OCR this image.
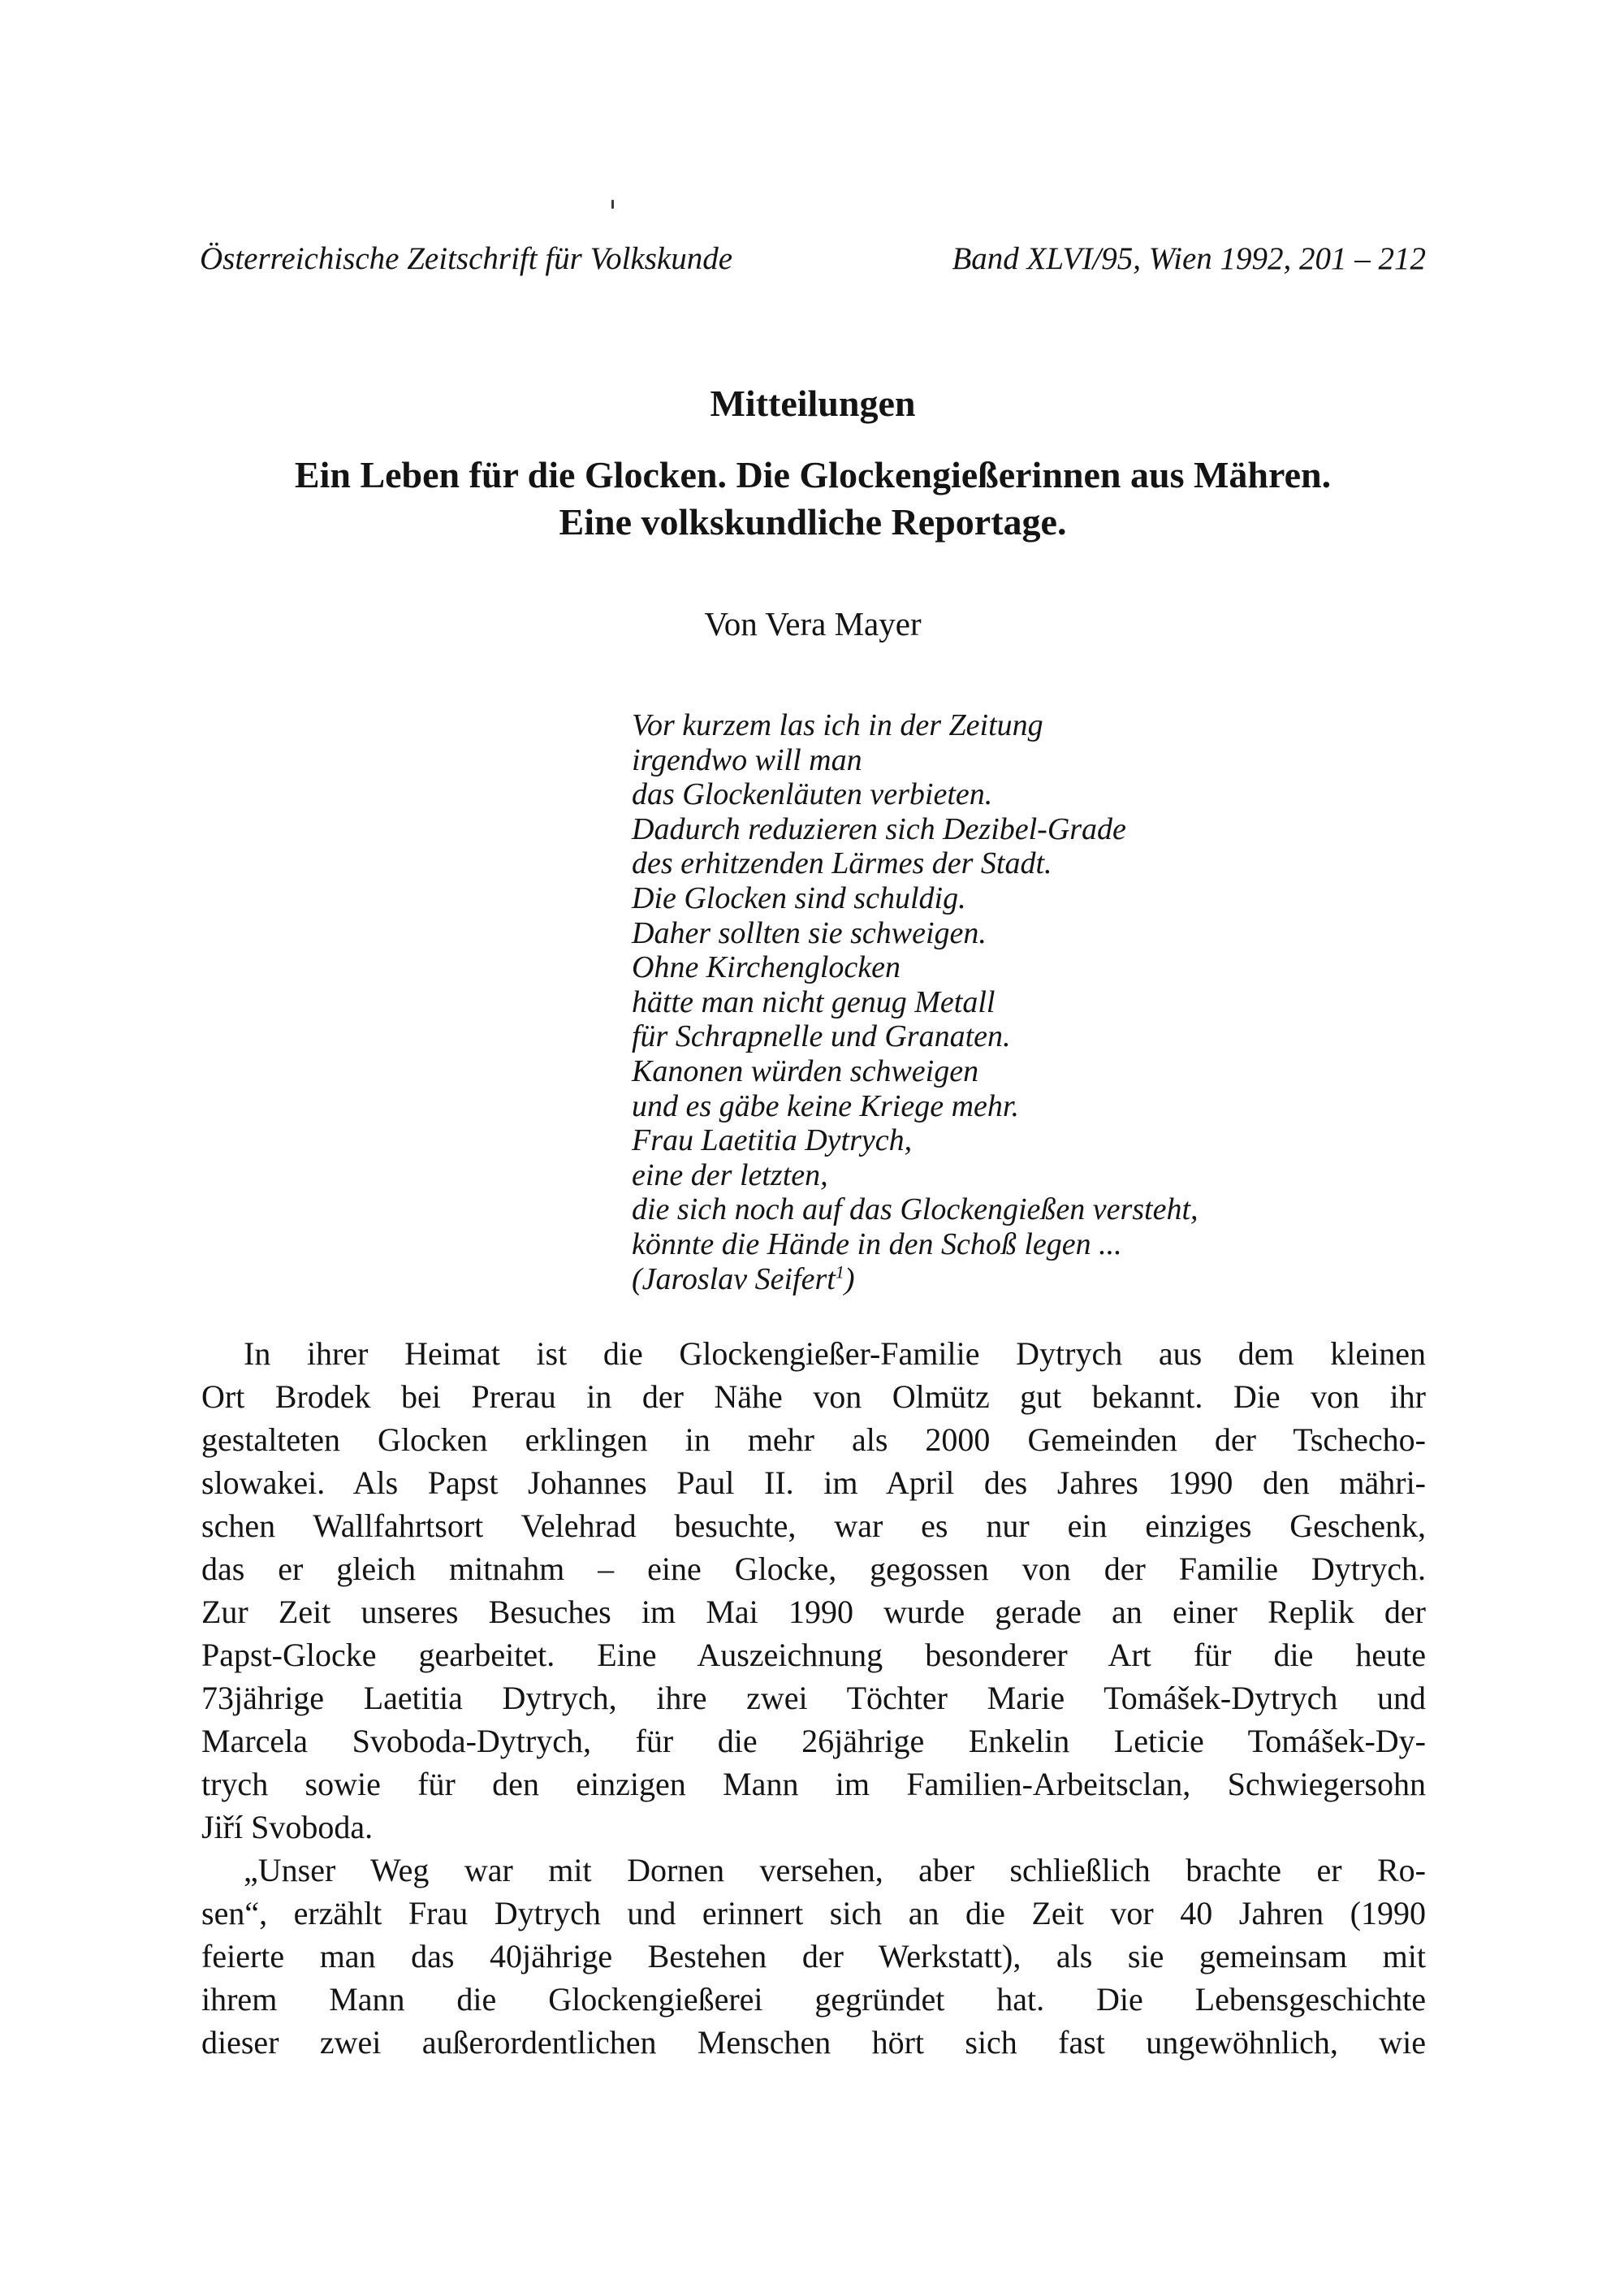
Österreichische Zeitschrift für Volkskunde	Band XLVI/95, Wien 1992, 201 – 212
Mitteilungen
Ein Leben für die Glocken. Die Glockengießerinnen aus Mähren.
Eine volkskundliche Reportage.
Von Vera Mayer
Vor kurzem las ich in der Zeitung
irgendwo will man
das Glockenläuten verbieten.
Dadurch reduzieren sich Dezibel-Grade
des erhitzenden Lärmes der Stadt.
Die Glocken sind schuldig.
Daher sollten sie schweigen.
Ohne Kirchenglocken
hätte man nicht genug Metall
für Schrapnelle und Granaten.
Kanonen würden schweigen
und es gäbe keine Kriege mehr.
Frau Laetitia Dytrych,
eine der letzten,
die sich noch auf das Glockengießen versteht,
könnte die Hände in den Schoß legen ...
(Jaroslav Seifert$^1$)
In ihrer Heimat ist die Glockengießer-Familie Dytrych aus dem kleinen
Ort Brodek bei Prerau in der Nähe von Olmütz gut bekannt. Die von ihr
gestalteten Glocken erklingen in mehr als 2000 Gemeinden der Tschecho-
slowakei. Als Papst Johannes Paul II. im April des Jahres 1990 den mähri-
schen Wallfahrtsort Velehrad besuchte, war es nur ein einziges Geschenk,
das er gleich mitnahm – eine Glocke, gegossen von der Familie Dytrych.
Zur Zeit unseres Besuches im Mai 1990 wurde gerade an einer Replik der
Papst-Glocke gearbeitet. Eine Auszeichnung besonderer Art für die heute
73jährige Laetitia Dytrych, ihre zwei Töchter Marie Tomášek-Dytrych und
Marcela Svoboda-Dytrych, für die 26jährige Enkelin Leticie Tomášek-Dy-
trych sowie für den einzigen Mann im Familien-Arbeitsclan, Schwiegersohn
Jiří Svoboda.
„Unser Weg war mit Dornen versehen, aber schließlich brachte er Ro-
sen“, erzählt Frau Dytrych und erinnert sich an die Zeit vor 40 Jahren (1990
feierte man das 40jährige Bestehen der Werkstatt), als sie gemeinsam mit
ihrem Mann die Glockengießerei gegründet hat. Die Lebensgeschichte
dieser zwei außerordentlichen Menschen hört sich fast ungewöhnlich, wie
